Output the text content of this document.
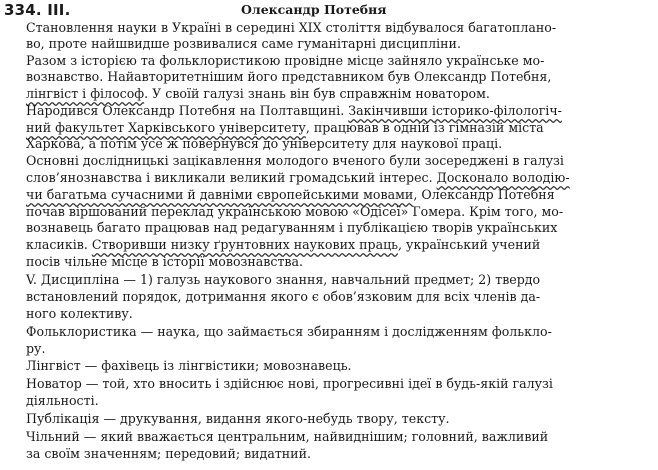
334. ІІІ.	Олександр Потебня
Становлення науки в Україні в середині XIX століття відбувалося багатоплано-
во, проте найшвидше розвивалися саме гуманітарні дисципліни.
Разом з історією та фольклористикою провідне місце зайняло українське мо-
вознавство. Найавторитетнішим його представником був Олександр Потебня,
лінгвіст і філософ. У своїй галузі знань він був справжнім новатором.
Народився Олександр Потебня на Полтавщині. Закінчивши історико-філологіч-
ний факультет Харківського університету, працював в одній із гімназій міста
Харкова, а потім усе ж повернувся до університету для наукової праці.
Основні дослідницькі зацікавлення молодого вченого були зосереджені в галузі
слов’янознавства і викликали великий громадський інтерес. Досконало володію-
чи багатьма сучасними й давніми європейськими мовами, Олександр Потебня
почав віршований переклад українською мовою «Одісеї» Гомера. Крім того, мо-
вознавець багато працював над редагуванням і публікацією творів українських
класиків. Створивши низку ґрунтовних наукових праць, український учений
посів чільне місце в історії мовознавства.
V. Дисципліна — 1) галузь наукового знання, навчальний предмет; 2) твердо
встановлений порядок, дотримання якого є обов’язковим для всіх членів да-
ного колективу.
Фольклористика — наука, що займається збиранням і дослідженням фолькло-
ру.
Лінгвіст — фахівець із лінгвістики; мовознавець.
Новатор — той, хто вносить і здійснює нові, прогресивні ідеї в будь-якій галузі
діяльності.
Публікація — друкування, видання якого-небудь твору, тексту.
Чільний — який вважається центральним, найвиднішим; головний, важливий
за своїм значенням; передовий; видатний.
